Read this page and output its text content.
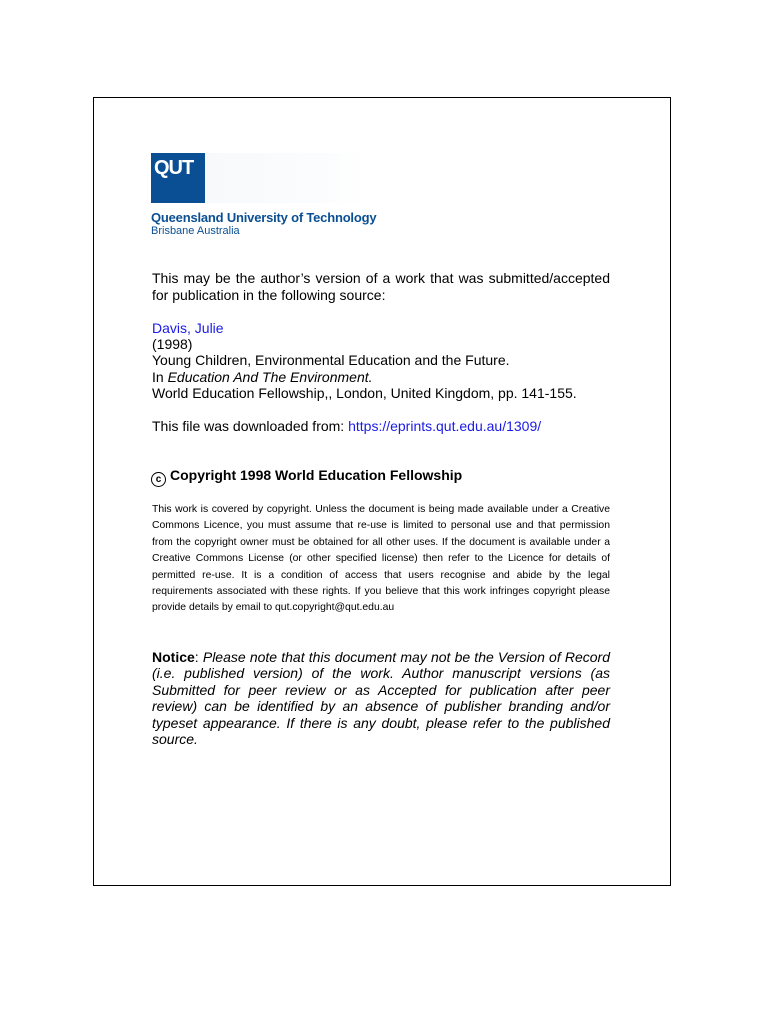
QUT
Queensland University of Technology
Brisbane Australia
This may be the author’s version of a work that was submitted/accepted for publication in the following source:
Davis, Julie
(1998)
Young Children, Environmental Education and the Future.
In Education And The Environment.
World Education Fellowship,, London, United Kingdom, pp. 141-155.
This file was downloaded from: https://eprints.qut.edu.au/1309/
c Copyright 1998 World Education Fellowship
This work is covered by copyright. Unless the document is being made available under a Creative Commons Licence, you must assume that re-use is limited to personal use and that permission from the copyright owner must be obtained for all other uses. If the document is available under a Creative Commons License (or other specified license) then refer to the Licence for details of permitted re-use. It is a condition of access that users recognise and abide by the legal requirements associated with these rights. If you believe that this work infringes copyright please provide details by email to qut.copyright@qut.edu.au
Notice: Please note that this document may not be the Version of Record (i.e. published version) of the work. Author manuscript versions (as Submitted for peer review or as Accepted for publication after peer review) can be identified by an absence of publisher branding and/or typeset appearance. If there is any doubt, please refer to the published source.
